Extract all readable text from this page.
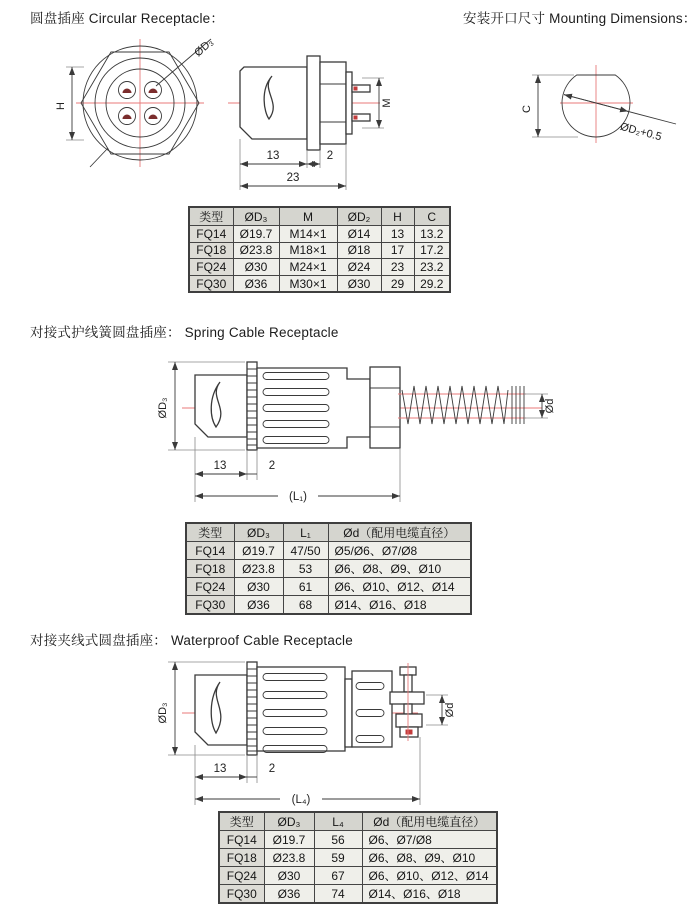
圆盘插座 Circular Receptacle：	安装开口尺寸 Mounting Dimensions：
对接式护线簧圆盘插座： Spring Cable Receptacle
对接夹线式圆盘插座： Waterproof Cable Receptacle
ØD₃
H	M
13	2
23
C
ØD₂+0.5
ØD₃	Ød
13	2
(L₁)
ØD₃	Ød
13	2
(L₄)
类型	ØD₃	M	ØD₂	H	C
FQ14	Ø19.7	M14×1	Ø14	13	13.2
FQ18	Ø23.8	M18×1	Ø18	17	17.2
FQ24	Ø30	M24×1	Ø24	23	23.2
FQ30	Ø36	M30×1	Ø30	29	29.2
类型	ØD₃	L₁	Ød（配用电缆直径）
FQ14	Ø19.7	47/50	Ø5/Ø6、Ø7/Ø8
FQ18	Ø23.8	53	Ø6、Ø8、Ø9、Ø10
FQ24	Ø30	61	Ø6、Ø10、Ø12、Ø14
FQ30	Ø36	68	Ø14、Ø16、Ø18
类型	ØD₃	L₄	Ød（配用电缆直径）
FQ14	Ø19.7	56	Ø6、Ø7/Ø8
FQ18	Ø23.8	59	Ø6、Ø8、Ø9、Ø10
FQ24	Ø30	67	Ø6、Ø10、Ø12、Ø14
FQ30	Ø36	74	Ø14、Ø16、Ø18
